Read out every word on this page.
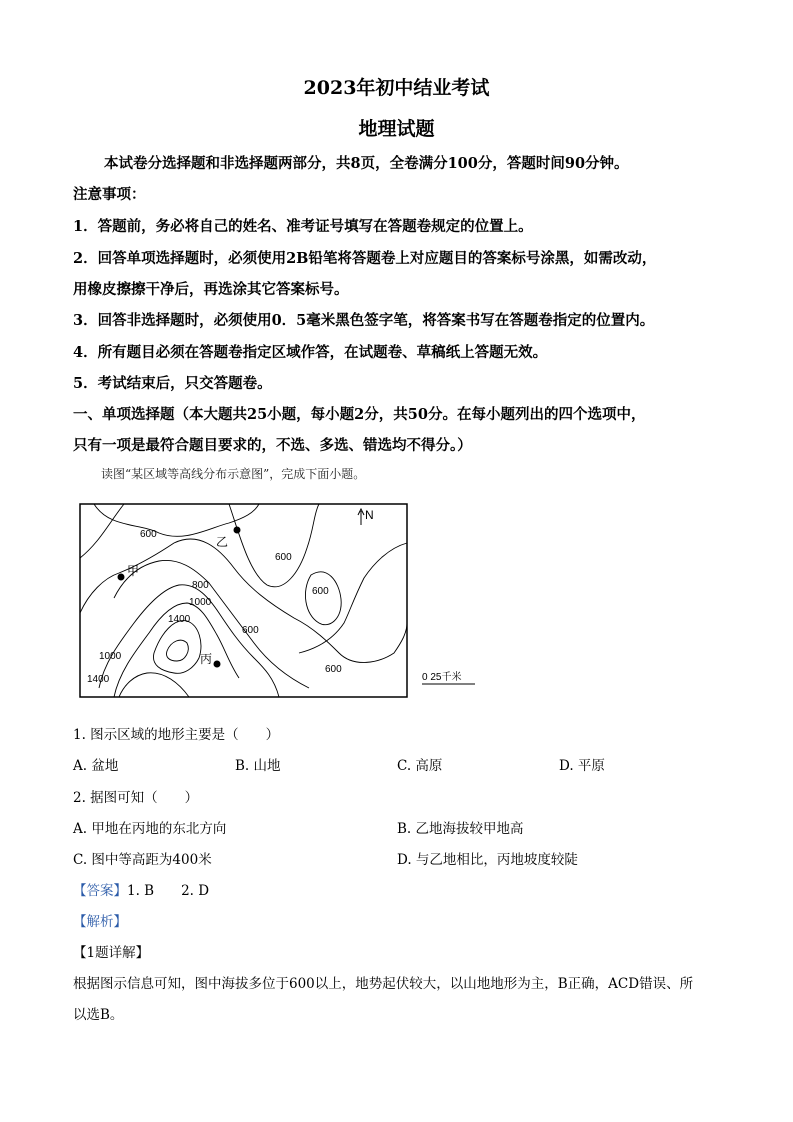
2023年初中结业考试
地理试题
本试卷分选择题和非选择题两部分，共8页，全卷满分100分，答题时间90分钟。
注意事项：
1．答题前，务必将自己的姓名、准考证号填写在答题卷规定的位置上。
2．回答单项选择题时，必须使用2B铅笔将答题卷上对应题目的答案标号涂黑，如需改动，
用橡皮擦擦干净后，再选涂其它答案标号。
3．回答非选择题时，必须使用0．5毫米黑色签字笔，将答案书写在答题卷指定的位置内。
4．所有题目必须在答题卷指定区域作答，在试题卷、草稿纸上答题无效。
5．考试结束后，只交答题卷。
一、单项选择题（本大题共25小题，每小题2分，共50分。在每小题列出的四个选项中，
只有一项是最符合题目要求的，不选、多选、错选均不得分。）
读图“某区域等高线分布示意图”，完成下面小题。
甲
乙
丙
600
600
600
600
600
800
1000
1000
1400
1400
N
0 25千米
1. 图示区域的地形主要是（　　）
A. 盆地	B. 山地	C. 高原	D. 平原
2. 据图可知（　　）
A. 甲地在丙地的东北方向	B. 乙地海拔较甲地高
C. 图中等高距为400米	D. 与乙地相比，丙地坡度较陡
【答案】1. B　　2. D
【解析】
【1题详解】
根据图示信息可知，图中海拔多位于600以上，地势起伏较大，以山地地形为主，B正确，ACD错误、所
以选B。
